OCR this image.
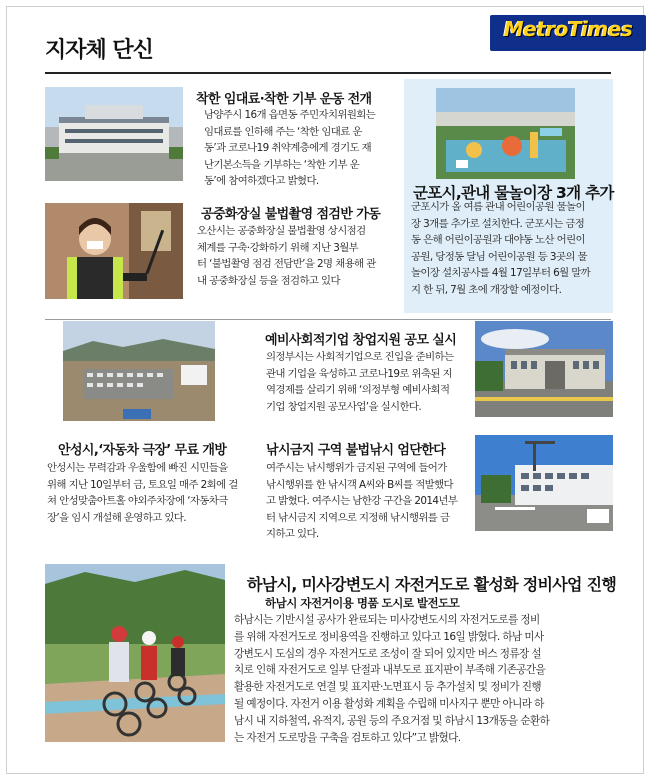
지자체 단신
MetroTimes
착한 임대료·착한 기부 운동 전개
남양주시 16개 읍면동 주민자치위원회는
임대료를 인하해 주는 ‘착한 임대료 운
동’과 코로나19 취약계층에게 경기도 재
난기본소득을 기부하는 ‘착한 기부 운
동’에 참여하겠다고 밝혔다.
공중화장실 불법촬영 점검반 가동
오산시는 공중화장실 불법촬영 상시점검
체계를 구축·강화하기 위해 지난 3월부
터 ‘불법촬영 점검 전담반’을 2명 채용해 관
내 공중화장실 등을 점검하고 있다
군포시,관내 물놀이장 3개 추가
군포시가 올 여름 관내 어린이공원 물놀이
장 3개를 추가로 설치한다. 군포시는 금정
동 은해 어린이공원과 대야동 노산 어린이
공원, 당정동 달님 어린이공원 등 3곳의 물
놀이장 설치공사를 4월 17일부터 6월 말까
지 한 뒤, 7월 초에 개장할 예정이다.
예비사회적기업 창업지원 공모 실시
의정부시는 사회적기업으로 진입을 준비하는
관내 기업을 육성하고 코로나19로 위축된 지
역경제를 살리기 위해 ‘의정부형 예비사회적
기업 창업지원 공모사업’을 실시한다.
안성시,‘자동차 극장’ 무료 개방
안성시는 무력감과 우울함에 빠진 시민들을
위해 지난 10일부터 금, 토요일 매주 2회에 걸
쳐 안성맞춤아트홀 야외주차장에 ‘자동차극
장’을 임시 개설해 운영하고 있다.
낚시금지 구역 불법낚시 엄단한다
여주시는 낚시행위가 금지된 구역에 들어가
낚시행위를 한 낚시객 A씨와 B씨를 적발했다
고 밝혔다. 여주시는 남한강 구간을 2014년부
터 낚시금지 지역으로 지정해 낚시행위를 금
지하고 있다.
하남시, 미사강변도시 자전거도로 활성화 정비사업 진행
하남시 자전거이용 명품 도시로 발전도모
하남시는 기반시설 공사가 완료되는 미사강변도시의 자전거도로를 정비
를 위해 자전거도로 정비용역을 진행하고 있다고 16일 밝혔다. 하남 미사
강변도시 도심의 경우 자전거도로 조성이 잘 되어 있지만 버스 정류장 설
치로 인해 자전거도로 일부 단절과 내부도로 표지판이 부족해 기존공간을
활용한 자전거도로 연결 및 표지판·노면표시 등 추가설치 및 정비가 진행
될 예정이다. 자전거 이용 활성화 계획을 수립해 미사지구 뿐만 아니라 하
남시 내 지하철역, 유적지, 공원 등의 주요거점 및 하남시 13개동을 순환하
는 자전거 도로망을 구축을 검토하고 있다”고 밝혔다.
